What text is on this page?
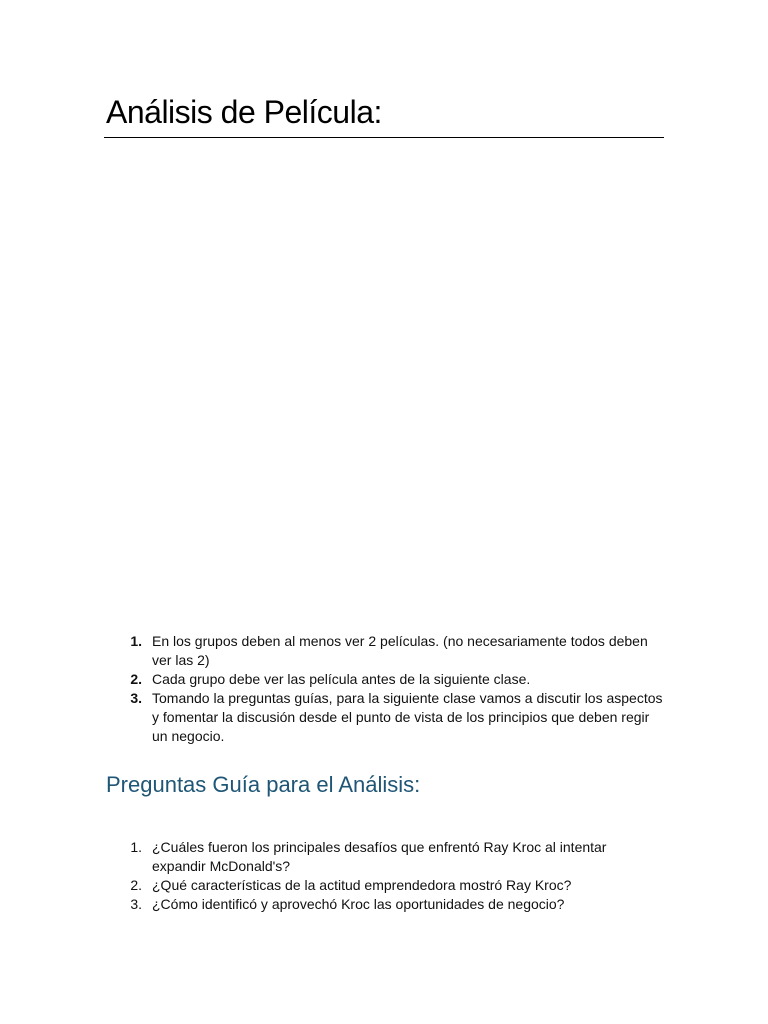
Análisis de Película:
1. En los grupos deben al menos ver 2 películas. (no necesariamente todos deben ver las 2)
2. Cada grupo debe ver las película antes de la siguiente clase.
3. Tomando la preguntas guías, para la siguiente clase vamos a discutir los aspectos y fomentar la discusión desde el punto de vista de los principios que deben regir un negocio.
Preguntas Guía para el Análisis:
1. ¿Cuáles fueron los principales desafíos que enfrentó Ray Kroc al intentar expandir McDonald's?
2. ¿Qué características de la actitud emprendedora mostró Ray Kroc?
3. ¿Cómo identificó y aprovechó Kroc las oportunidades de negocio?
